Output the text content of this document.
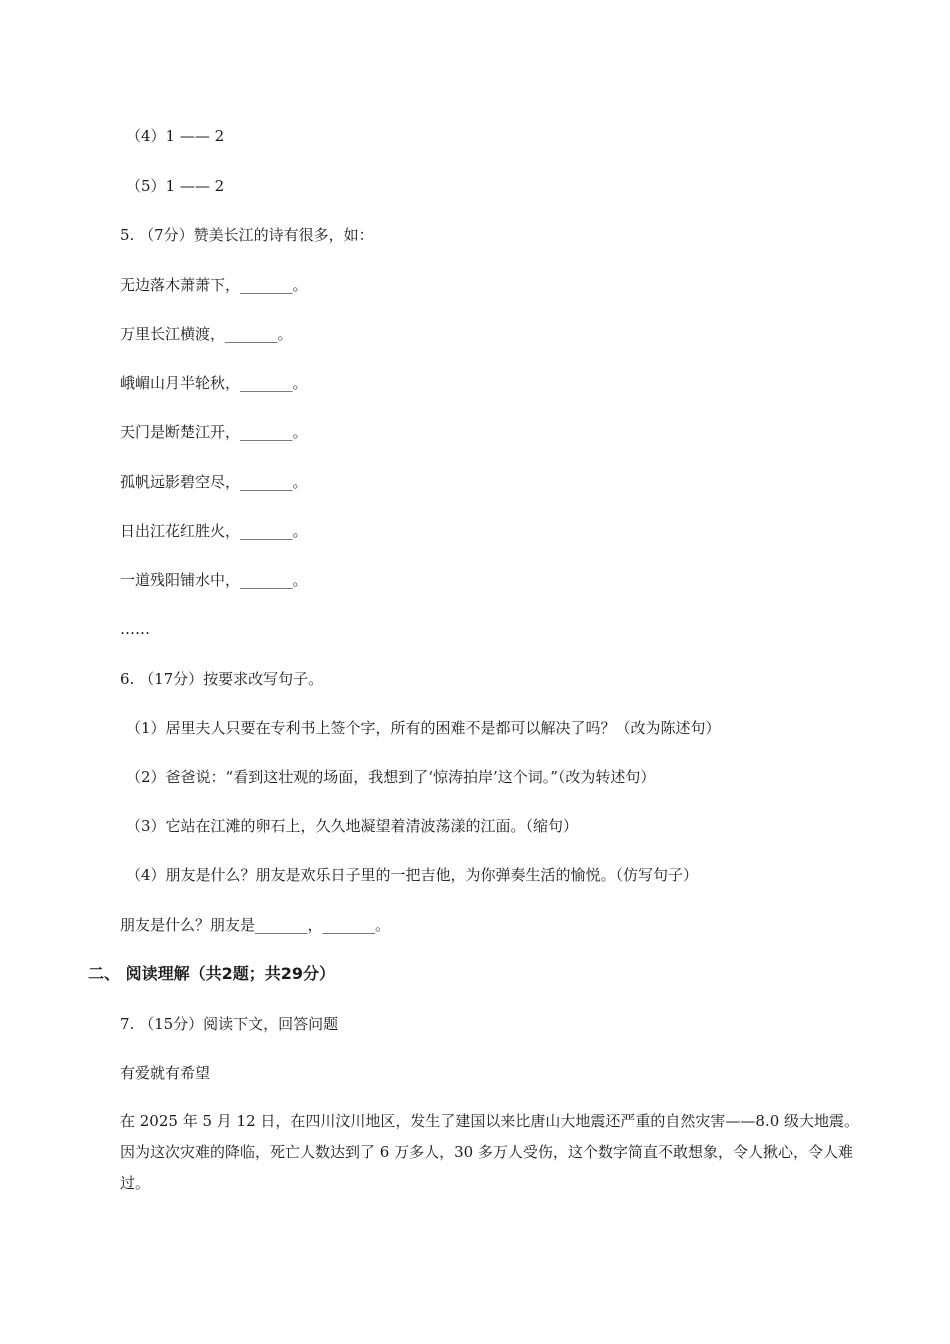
（4）1 —— 2
（5）1 —— 2
5. （7分）赞美长江的诗有很多，如：
无边落木萧萧下，_______。
万里长江横渡，_______。
峨嵋山月半轮秋，_______。
天门是断楚江开，_______。
孤帆远影碧空尽，_______。
日出江花红胜火，_______。
一道残阳铺水中，_______。
……
6. （17分）按要求改写句子。
（1）居里夫人只要在专利书上签个字，所有的困难不是都可以解决了吗？（改为陈述句）
（2）爸爸说：“看到这壮观的场面，我想到了‘惊涛拍岸’这个词。”（改为转述句）
（3）它站在江滩的卵石上，久久地凝望着清波荡漾的江面。（缩句）
（4）朋友是什么？朋友是欢乐日子里的一把吉他，为你弹奏生活的愉悦。（仿写句子）
朋友是什么？朋友是_______，_______。
二、 阅读理解（共2题；共29分）
7. （15分）阅读下文，回答问题
有爱就有希望
在 2025 年 5 月 12 日，在四川汶川地区，发生了建国以来比唐山大地震还严重的自然灾害——8.0 级大地震。因为这次灾难的降临，死亡人数达到了 6 万多人，30 多万人受伤，这个数字简直不敢想象，令人揪心，令人难过。
